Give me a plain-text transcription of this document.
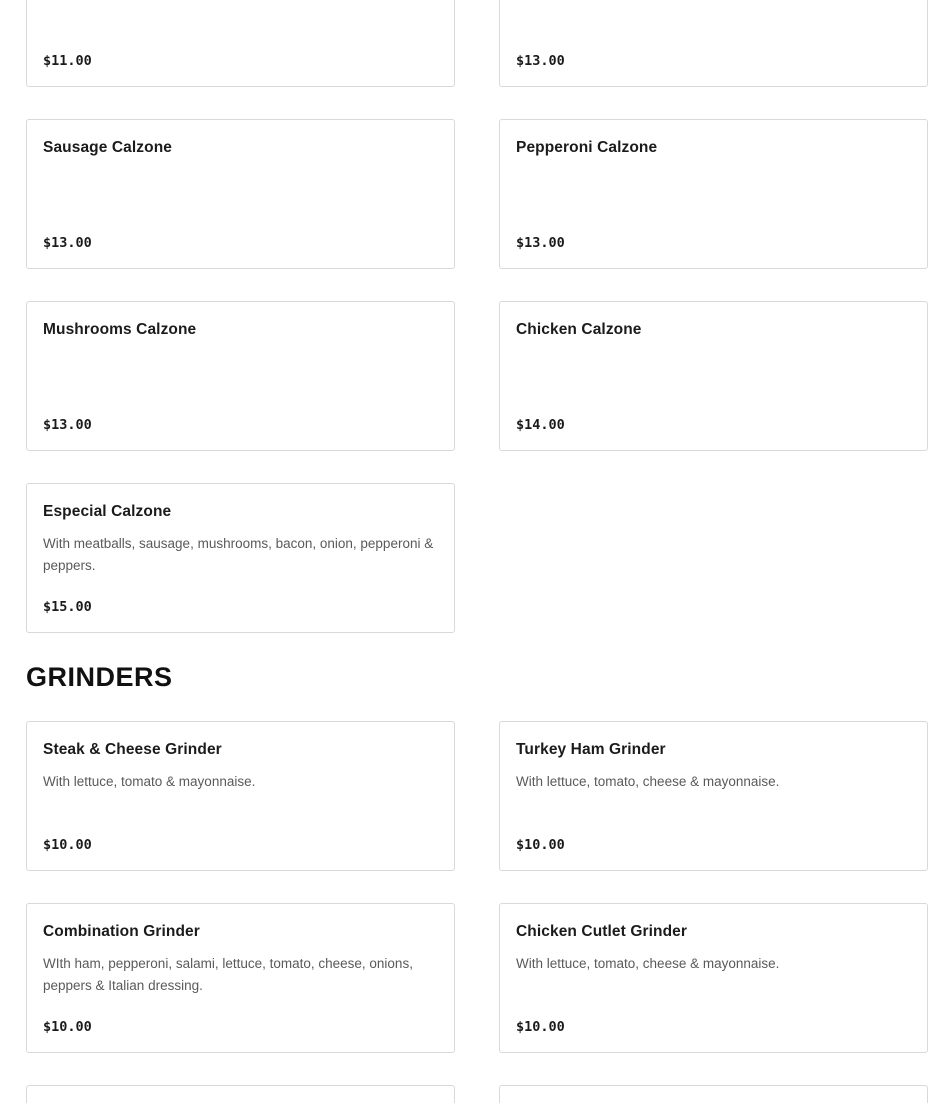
$11.00	$13.00
Sausage Calzone
$13.00
Pepperoni Calzone
$13.00
Mushrooms Calzone
$13.00
Chicken Calzone
$14.00
Especial Calzone
With meatballs, sausage, mushrooms, bacon, onion, pepperoni & peppers.
$15.00
GRINDERS
Steak & Cheese Grinder
With lettuce, tomato & mayonnaise.
$10.00
Turkey Ham Grinder
With lettuce, tomato, cheese & mayonnaise.
$10.00
Combination Grinder
WIth ham, pepperoni, salami, lettuce, tomato, cheese, onions, peppers & Italian dressing.
$10.00
Chicken Cutlet Grinder
With lettuce, tomato, cheese & mayonnaise.
$10.00
